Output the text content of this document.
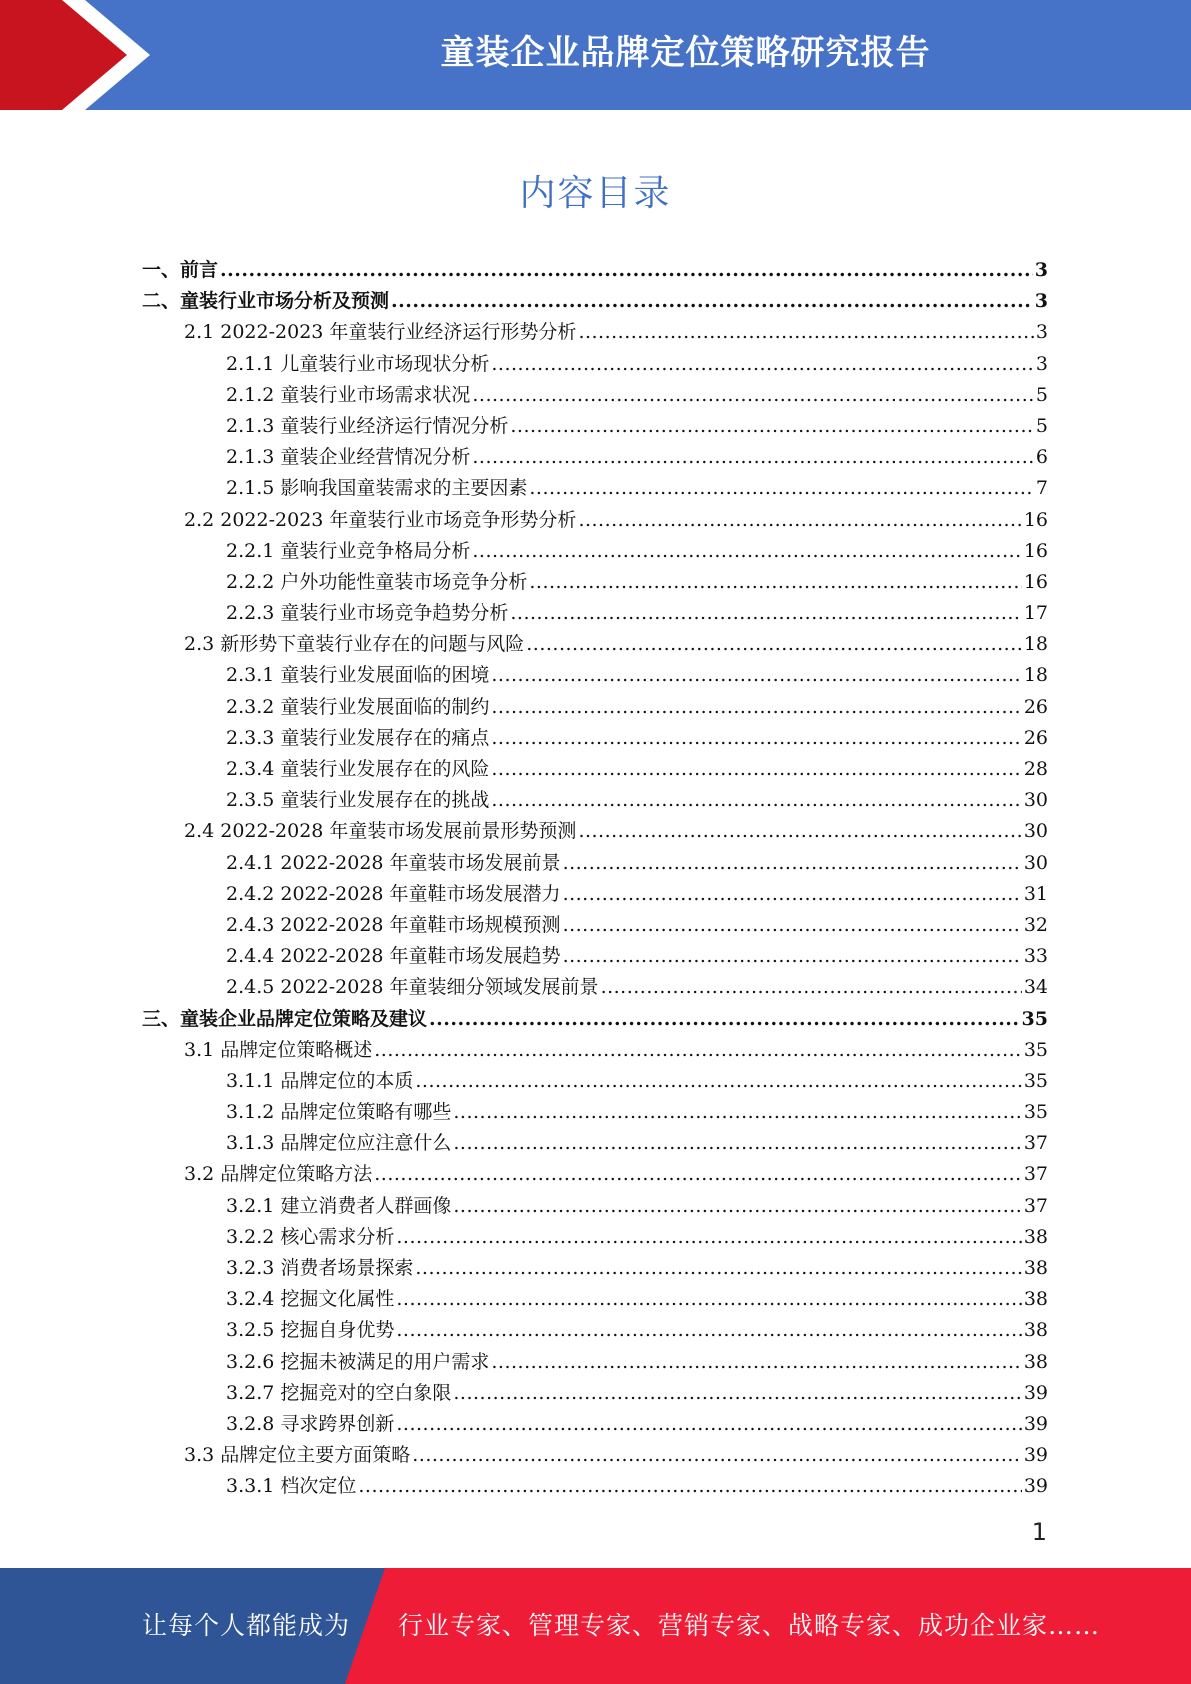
童装企业品牌定位策略研究报告
内容目录
一、前言 .....	3
二、童装行业市场分析及预测 .....	3
2.1 2022-2023 年童装行业经济运行形势分析 .....	3
2.1.1 儿童装行业市场现状分析 .....	3
2.1.2 童装行业市场需求状况 .....	5
2.1.3 童装行业经济运行情况分析 .....	5
2.1.3 童装企业经营情况分析 .....	6
2.1.5 影响我国童装需求的主要因素 .....	7
2.2 2022-2023 年童装行业市场竞争形势分析 .....	16
2.2.1 童装行业竞争格局分析 .....	16
2.2.2 户外功能性童装市场竞争分析 .....	16
2.2.3 童装行业市场竞争趋势分析 .....	17
2.3 新形势下童装行业存在的问题与风险 .....	18
2.3.1 童装行业发展面临的困境 .....	18
2.3.2 童装行业发展面临的制约 .....	26
2.3.3 童装行业发展存在的痛点 .....	26
2.3.4 童装行业发展存在的风险 .....	28
2.3.5 童装行业发展存在的挑战 .....	30
2.4 2022-2028 年童装市场发展前景形势预测 .....	30
2.4.1 2022-2028 年童装市场发展前景 .....	30
2.4.2 2022-2028 年童鞋市场发展潜力 .....	31
2.4.3 2022-2028 年童鞋市场规模预测 .....	32
2.4.4 2022-2028 年童鞋市场发展趋势 .....	33
2.4.5 2022-2028 年童装细分领域发展前景 .....	34
三、童装企业品牌定位策略及建议 .....	35
3.1 品牌定位策略概述 .....	35
3.1.1 品牌定位的本质 .....	35
3.1.2 品牌定位策略有哪些 .....	35
3.1.3 品牌定位应注意什么 .....	37
3.2 品牌定位策略方法 .....	37
3.2.1 建立消费者人群画像 .....	37
3.2.2 核心需求分析 .....	38
3.2.3 消费者场景探索 .....	38
3.2.4 挖掘文化属性 .....	38
3.2.5 挖掘自身优势 .....	38
3.2.6 挖掘未被满足的用户需求 .....	38
3.2.7 挖掘竞对的空白象限 .....	39
3.2.8 寻求跨界创新 .....	39
3.3 品牌定位主要方面策略 .....	39
3.3.1 档次定位 .....	39
1
让每个人都能成为 行业专家、管理专家、营销专家、战略专家、成功企业家……
